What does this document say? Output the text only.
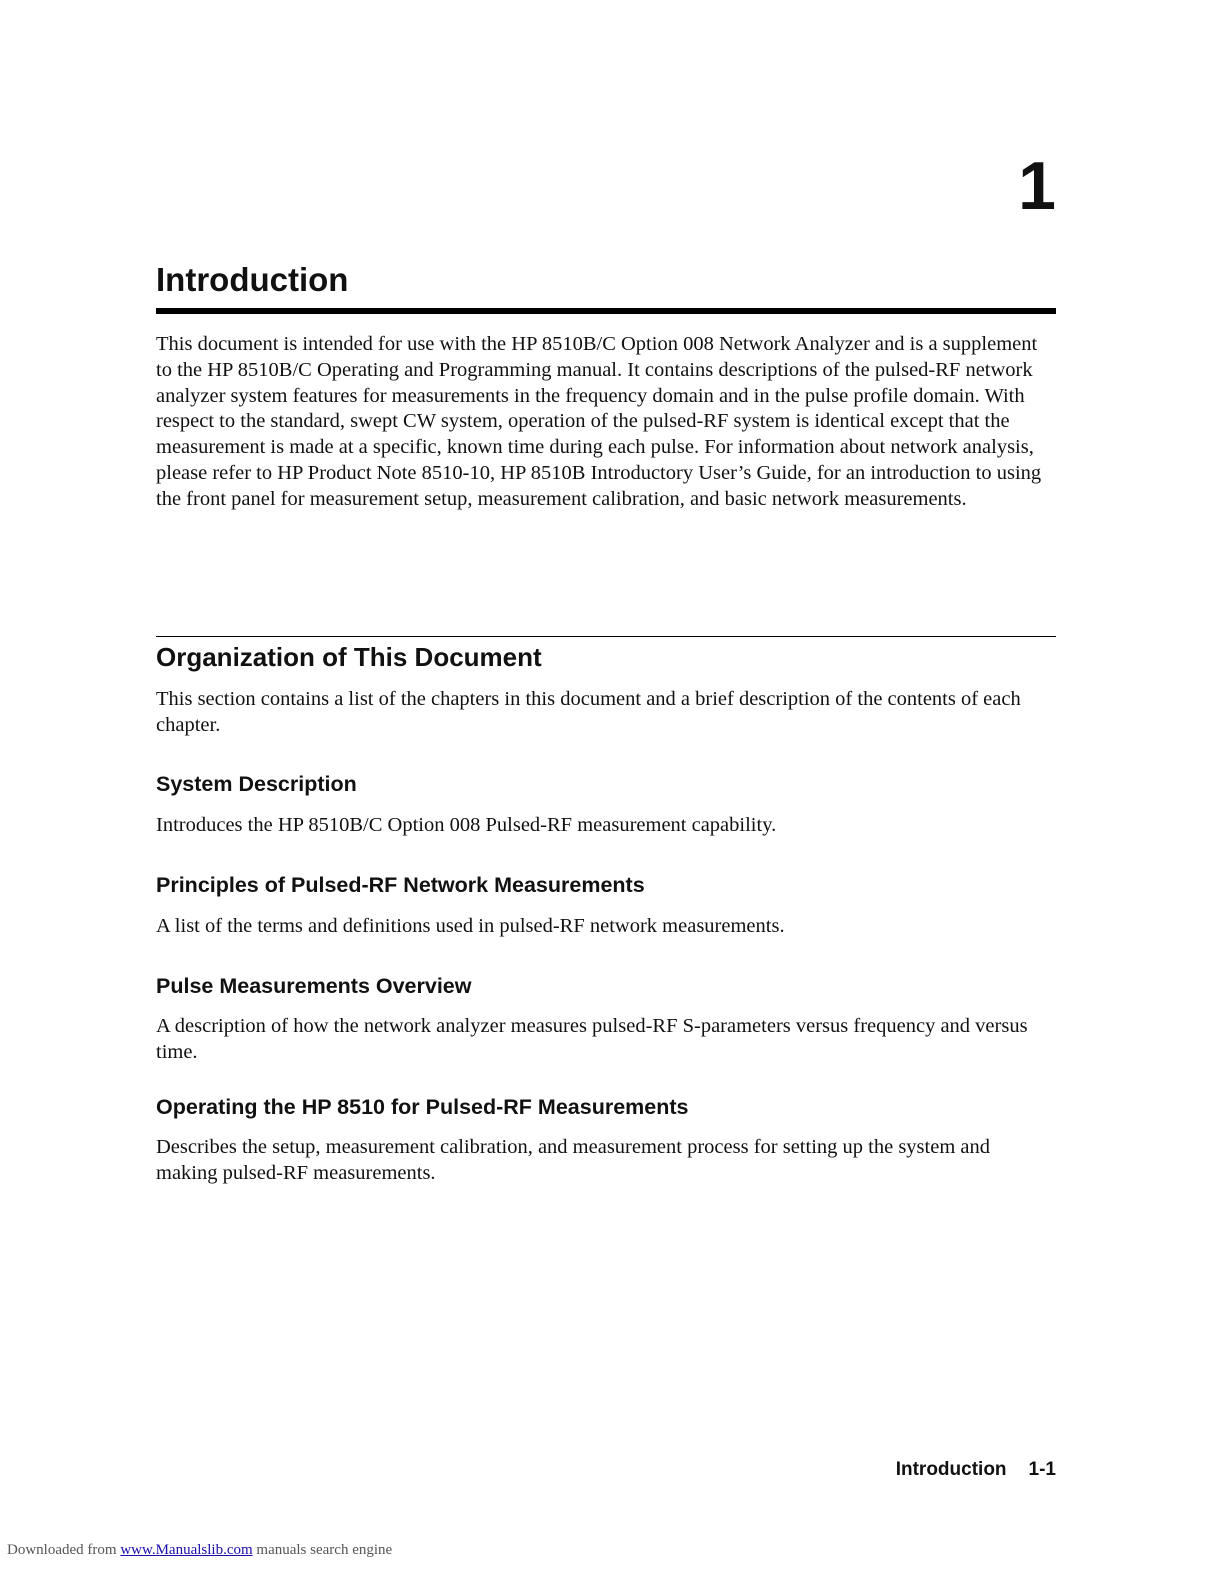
1
Introduction

This document is intended for use with the HP 8510B/C Option 008 Network Analyzer and is a supplement to the HP 8510B/C Operating and Programming manual. It contains descriptions of the pulsed-RF network analyzer system features for measurements in the frequency domain and in the pulse profile domain. With respect to the standard, swept CW system, operation of the pulsed-RF system is identical except that the measurement is made at a specific, known time during each pulse. For information about network analysis, please refer to HP Product Note 8510-10, HP 8510B Introductory User’s Guide, for an introduction to using the front panel for measurement setup, measurement calibration, and basic network measurements.

Organization of This Document

This section contains a list of the chapters in this document and a brief description of the contents of each chapter.

System Description

Introduces the HP 8510B/C Option 008 Pulsed-RF measurement capability.

Principles of Pulsed-RF Network Measurements

A list of the terms and definitions used in pulsed-RF network measurements.

Pulse Measurements Overview

A description of how the network analyzer measures pulsed-RF S-parameters versus frequency and versus time.

Operating the HP 8510 for Pulsed-RF Measurements

Describes the setup, measurement calibration, and measurement process for setting up the system and making pulsed-RF measurements.

Introduction 1-1
Downloaded from www.Manualslib.com manuals search engine
